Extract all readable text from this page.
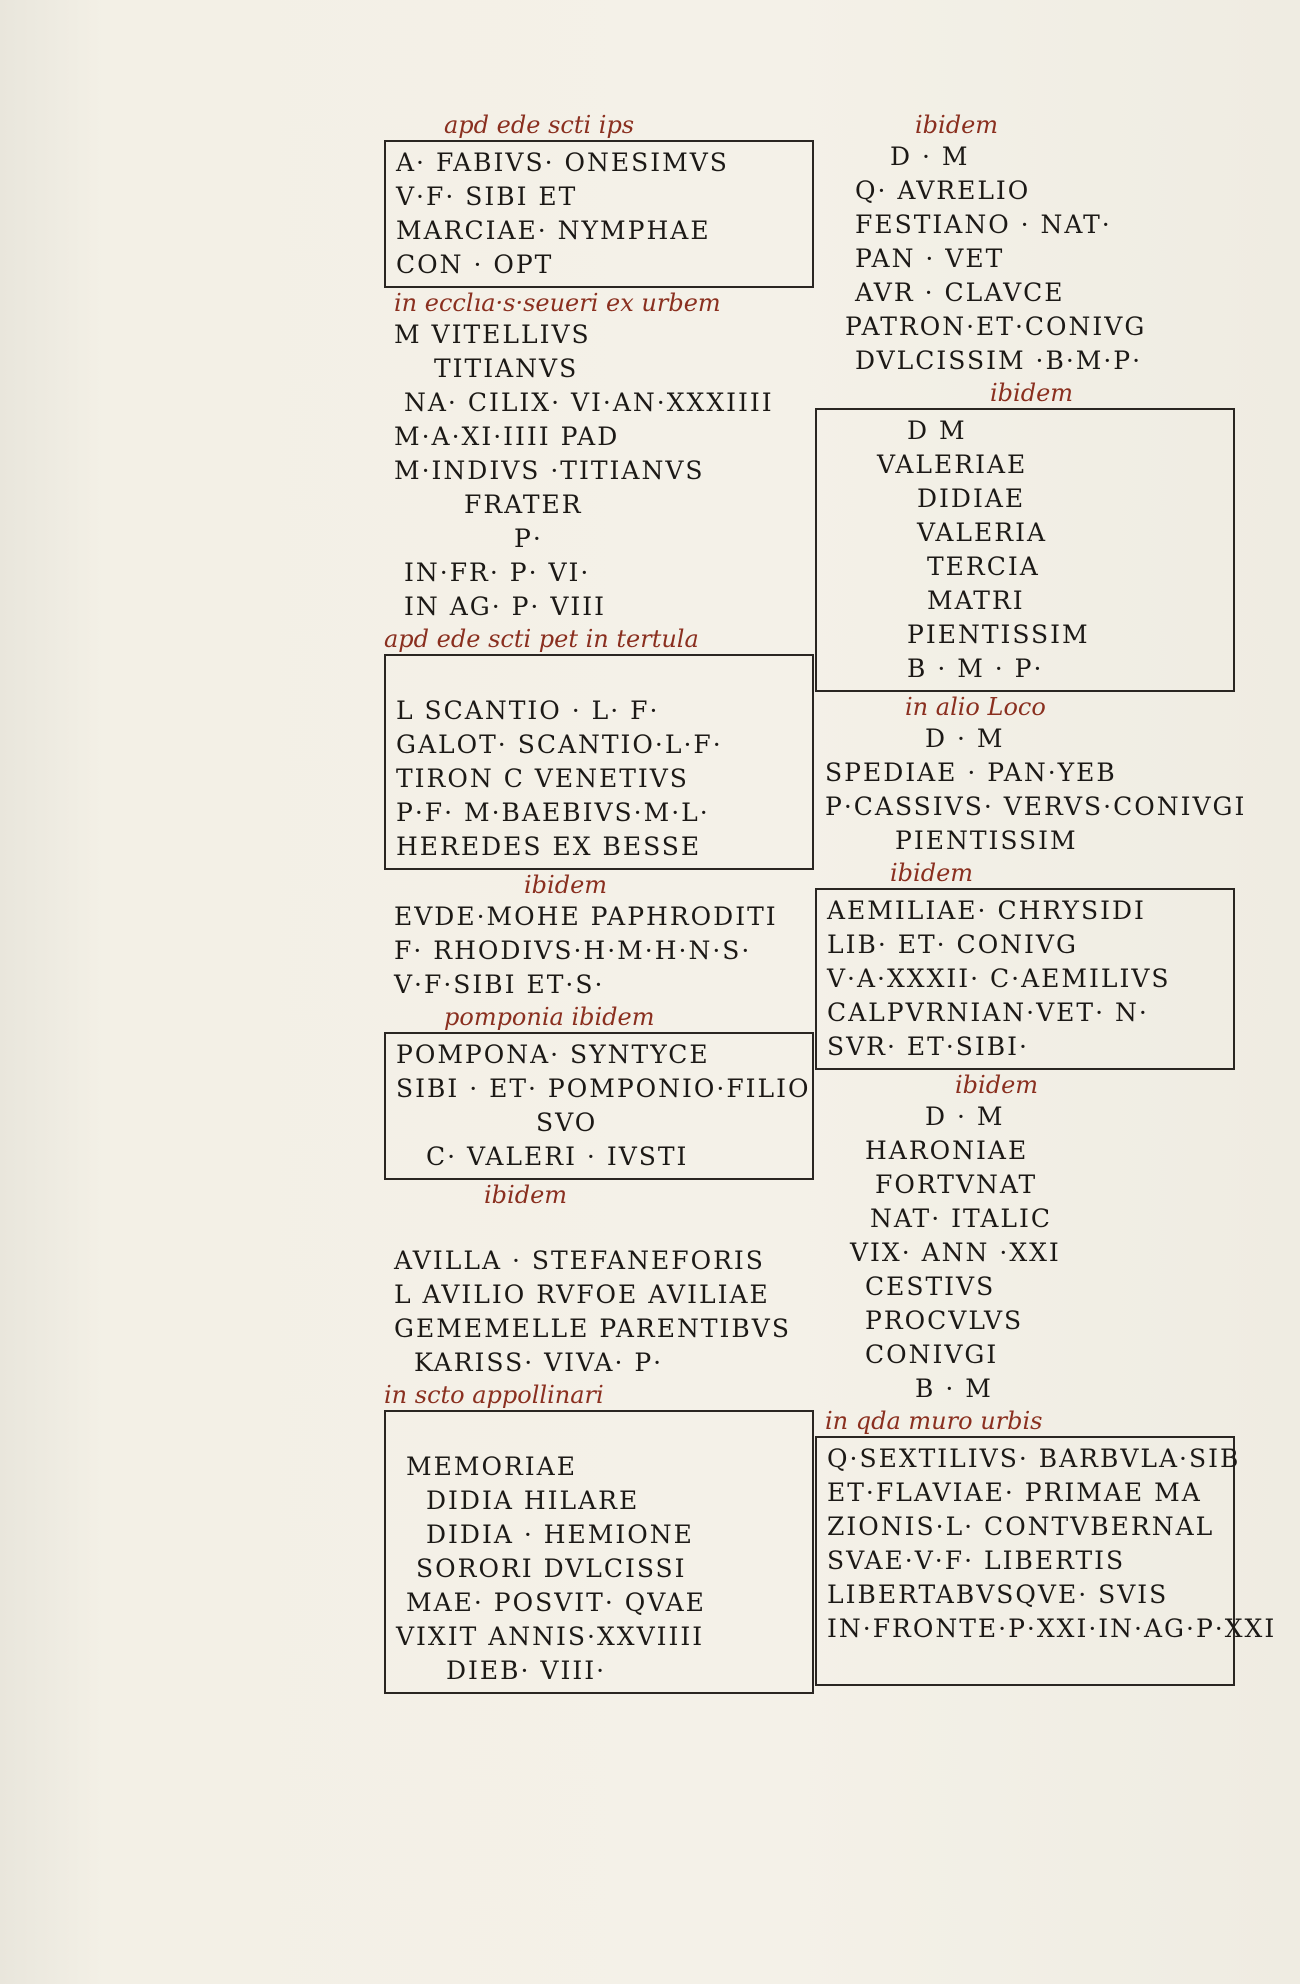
apd ede scti ips
A· FABIVS· ONESIMVS
V·F· SIBI ET
MARCIAE· NYMPHAE
CON · OPT
in ecclıa·s·seueri ex urbem
M VITELLIVS
TITIANVS
NA· CILIX· VI·AN·XXXIIII
M·A·XI·IIII PAD
M·INDIVS ·TITIANVS
FRATER
P·
IN·FR· P· VI·
IN AG· P· VIII
apd ede scti pet in tertula
L SCANTIO · L· F·
GALOT· SCANTIO·L·F·
TIRON C VENETIVS
P·F· M·BAEBIVS·M·L·
HEREDES EX BESSE
ibidem
EVDE·MOHE PAPHRODITI
F· RHODIVS·H·M·H·N·S·
V·F·SIBI ET·S·
pomponia ibidem
POMPONA· SYNTYCE
SIBI · ET· POMPONIO·FILIO
SVO
C· VALERI · IVSTI
ibidem
AVILLA · STEFANEFORIS
L AVILIO RVFOE AVILIAE
GEMEMELLE PARENTIBVS
KARISS· VIVA· P·
in scto appollinari
MEMORIAE
DIDIA HILARE
DIDIA · HEMIONE
SORORI DVLCISSI
MAE· POSVIT· QVAE
VIXIT ANNIS·XXVIIII
DIEB· VIII·
ibidem
D · M
Q· AVRELIO
FESTIANO · NAT·
PAN · VET
AVR · CLAVCE
PATRON·ET·CONIVG
DVLCISSIM ·B·M·P·
ibidem
D M
VALERIAE
DIDIAE
VALERIA
TERCIA
MATRI
PIENTISSIM
B · M · P·
in alio Loco
D · M
SPEDIAE · PAN·YEB
P·CASSIVS· VERVS·CONIVGI
PIENTISSIM
ibidem
AEMILIAE· CHRYSIDI
LIB· ET· CONIVG
V·A·XXXII· C·AEMILIVS
CALPVRNIAN·VET· N·
SVR· ET·SIBI·
ibidem
D · M
HARONIAE
FORTVNAT
NAT· ITALIC
VIX· ANN ·XXI
CESTIVS
PROCVLVS
CONIVGI
B · M
in qda muro urbis
Q·SEXTILIVS· BARBVLA·SIB
ET·FLAVIAE· PRIMAE MA
ZIONIS·L· CONTVBERNAL
SVAE·V·F· LIBERTIS
LIBERTABVSQVE· SVIS
IN·FRONTE·P·XXI·IN·AG·P·XXI
